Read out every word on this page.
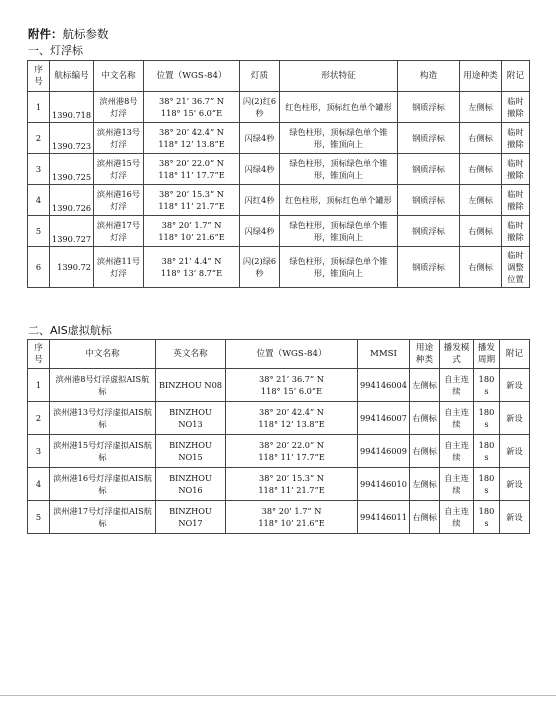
附件：航标参数
一、灯浮标
序号	航标编号	中文名称	位置（WGS-84）	灯质	形状特征	构造	用途种类	附记
1	1390.718	滨州港8号灯浮	38° 21’ 36.7” N
118° 15’ 6.0”E	闪(2)红6秒	红色柱形，顶标红色单个罐形	钢质浮标	左侧标	临时撤除
2	1390.723	滨州港13号灯浮	38° 20’ 42.4” N
118° 12’ 13.8”E	闪绿4秒	绿色柱形，顶标绿色单个锥形，锥顶向上	钢质浮标	右侧标	临时撤除
3	1390.725	滨州港15号灯浮	38° 20’ 22.0” N
118° 11’ 17.7”E	闪绿4秒	绿色柱形，顶标绿色单个锥形，锥顶向上	钢质浮标	右侧标	临时撤除
4	1390.726	滨州港16号灯浮	38° 20’ 15.3” N
118° 11’ 21.7”E	闪红4秒	红色柱形，顶标红色单个罐形	钢质浮标	左侧标	临时撤除
5	1390.727	滨州港17号灯浮	38° 20’ 1.7” N
118° 10’ 21.6”E	闪绿4秒	绿色柱形，顶标绿色单个锥形，锥顶向上	钢质浮标	右侧标	临时撤除
6	1390.72	滨州港11号灯浮	38° 21’ 4.4” N
118° 13’ 8.7”E	闪(2)绿6秒	绿色柱形，顶标绿色单个锥形，锥顶向上	钢质浮标	右侧标	临时调整位置
二、AIS虚拟航标
序号	中文名称	英文名称	位置（WGS-84）	MMSI	用途种类	播发模式	播发周期	附记
1	滨州港8号灯浮虚拟AIS航标	BINZHOU N08	38° 21’ 36.7” N
118° 15’ 6.0”E	994146004	左侧标	自主连续	180 s	新设
2	滨州港13号灯浮虚拟AIS航标	BINZHOU NO13	38° 20’ 42.4” N
118° 12’ 13.8”E	994146007	右侧标	自主连续	180 s	新设
3	滨州港15号灯浮虚拟AIS航标	BINZHOU NO15	38° 20’ 22.0” N
118° 11’ 17.7”E	994146009	右侧标	自主连续	180 s	新设
4	滨州港16号灯浮虚拟AIS航标	BINZHOU NO16	38° 20’ 15.3” N
118° 11’ 21.7”E	994146010	左侧标	自主连续	180 s	新设
5	滨州港17号灯浮虚拟AIS航标	BINZHOU NO17	38° 20’ 1.7” N
118° 10’ 21.6”E	994146011	右侧标	自主连续	180 s	新设
